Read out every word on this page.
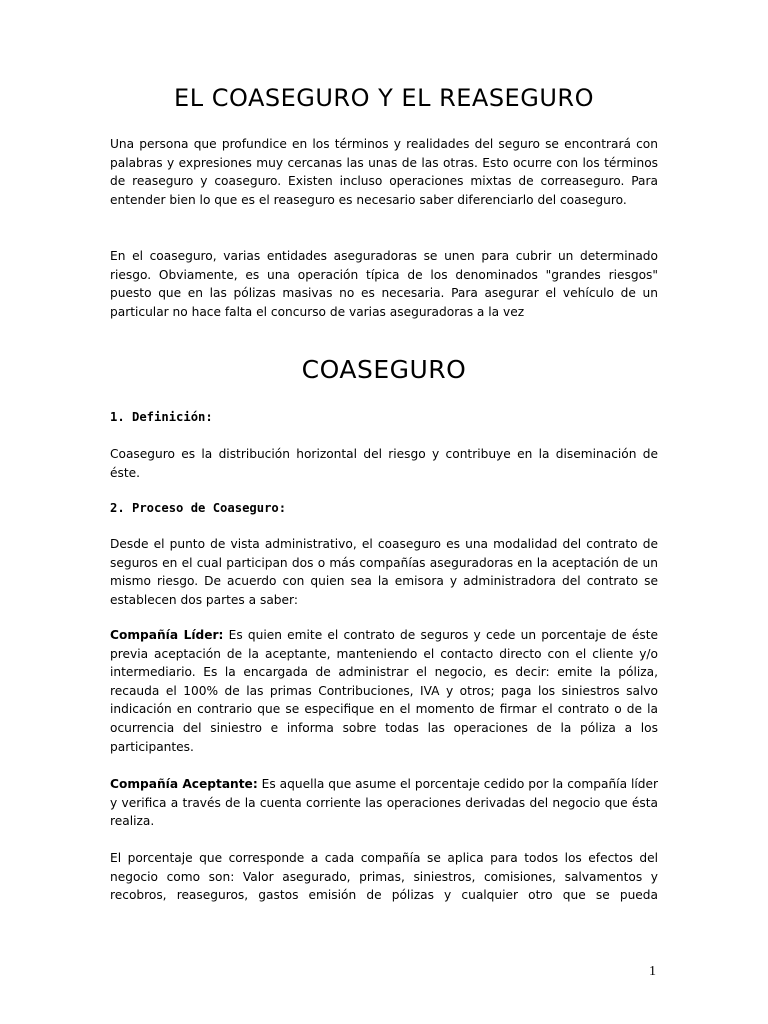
EL COASEGURO Y EL REASEGURO

Una persona que profundice en los términos y realidades del seguro se encontrará con palabras y expresiones muy cercanas las unas de las otras. Esto ocurre con los términos de reaseguro y coaseguro. Existen incluso operaciones mixtas de correaseguro. Para entender bien lo que es el reaseguro es necesario saber diferenciarlo del coaseguro.

En el coaseguro, varias entidades aseguradoras se unen para cubrir un determinado riesgo. Obviamente, es una operación típica de los denominados "grandes riesgos" puesto que en las pólizas masivas no es necesaria. Para asegurar el vehículo de un particular no hace falta el concurso de varias aseguradoras a la vez

COASEGURO

1. Definición:

Coaseguro es la distribución horizontal del riesgo y contribuye en la diseminación de éste.

2. Proceso de Coaseguro:

Desde el punto de vista administrativo, el coaseguro es una modalidad del contrato de seguros en el cual participan dos o más compañías aseguradoras en la aceptación de un mismo riesgo. De acuerdo con quien sea la emisora y administradora del contrato se establecen dos partes a saber:

Compañía Líder: Es quien emite el contrato de seguros y cede un porcentaje de éste previa aceptación de la aceptante, manteniendo el contacto directo con el cliente y/o intermediario. Es la encargada de administrar el negocio, es decir: emite la póliza, recauda el 100% de las primas Contribuciones, IVA y otros; paga los siniestros salvo indicación en contrario que se especifique en el momento de firmar el contrato o de la ocurrencia del siniestro e informa sobre todas las operaciones de la póliza a los participantes.

Compañía Aceptante: Es aquella que asume el porcentaje cedido por la compañía líder y verifica a través de la cuenta corriente las operaciones derivadas del negocio que ésta realiza.

El porcentaje que corresponde a cada compañía se aplica para todos los efectos del negocio como son: Valor asegurado, primas, siniestros, comisiones, salvamentos y recobros, reaseguros, gastos emisión de pólizas y cualquier otro que se pueda

1
